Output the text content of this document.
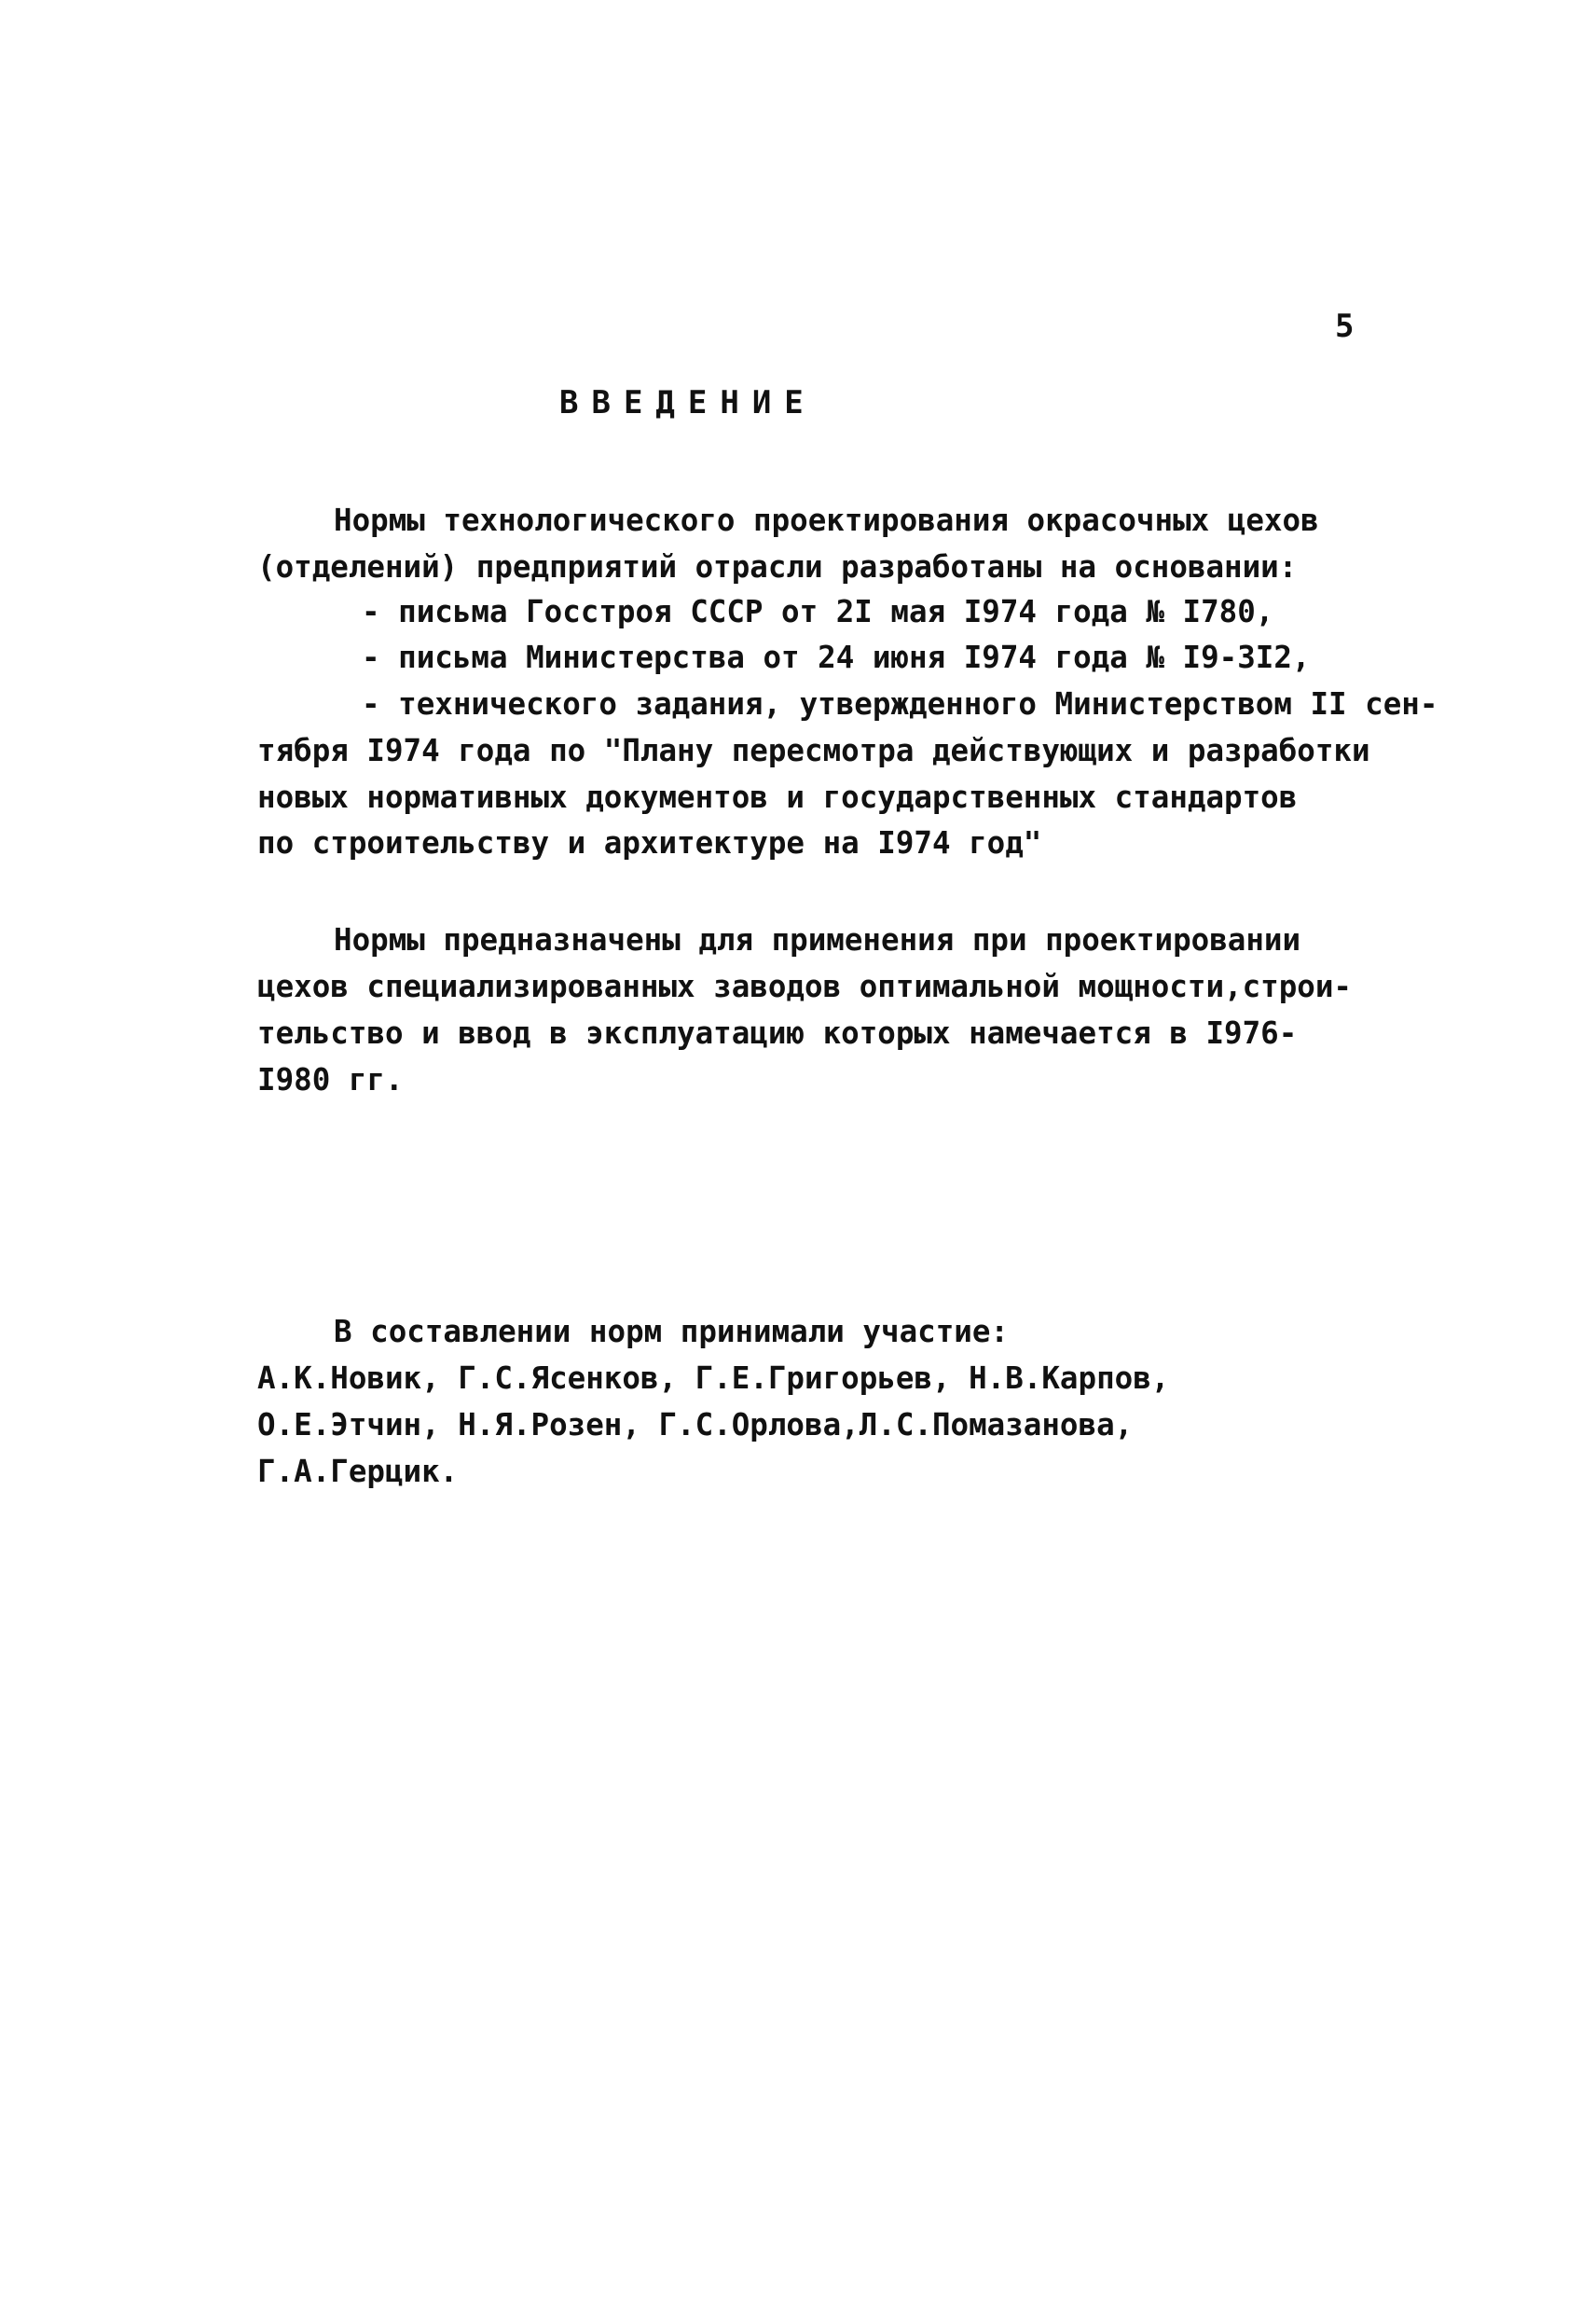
5
ВВЕДЕНИЕ
Нормы технологического проектирования окрасочных цехов
(отделений) предприятий отрасли разработаны на основании:
- письма Госстроя СССР от 2I мая I974 года № I780,
- письма Министерства от 24 июня I974 года № I9-3I2,
- технического задания, утвержденного Министерством II сен-
тября I974 года по "Плану пересмотра действующих и разработки
новых нормативных документов и государственных стандартов
по строительству и архитектуре на I974 год"
Нормы предназначены для применения при проектировании
цехов специализированных заводов оптимальной мощности,строи-
тельство и ввод в эксплуатацию которых намечается в I976-
I980 гг.
В составлении норм принимали участие:
А.К.Новик, Г.С.Ясенков, Г.Е.Григорьев, Н.В.Карпов,
О.Е.Этчин, Н.Я.Розен, Г.С.Орлова,Л.С.Помазанова,
Г.А.Герцик.
